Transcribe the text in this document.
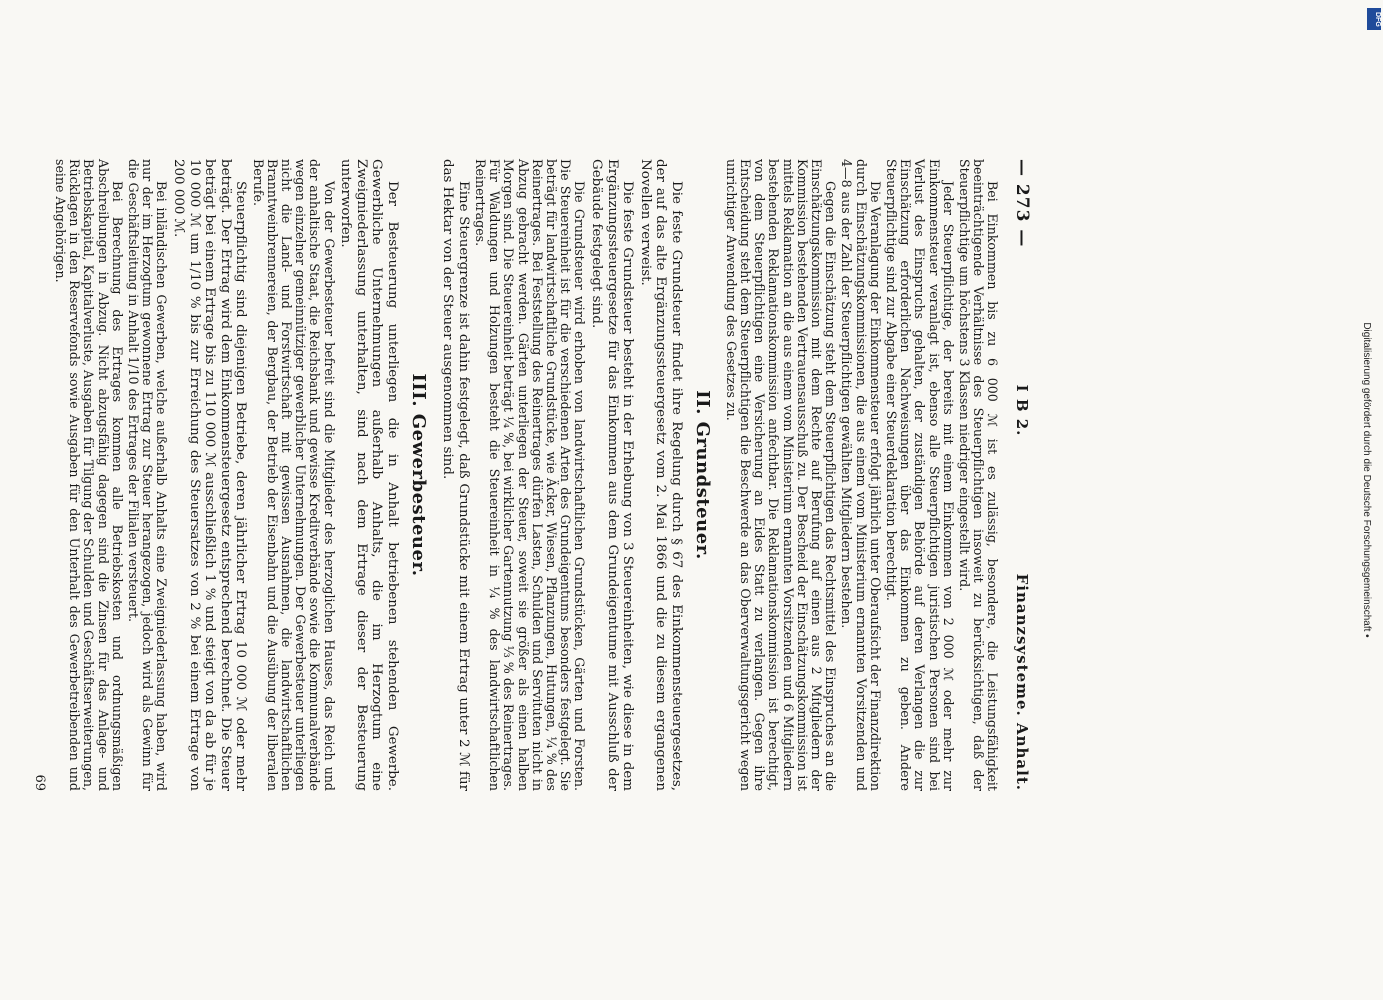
— 273 —
I B 2.
Finanzsysteme. Anhalt.

Bei Einkommen bis zu 6 000 ℳ ist es zulässig, besondere, die Leistungsfähigkeit beeinträchtigende Verhältnisse des Steuerpflichtigen insoweit zu berücksichtigen, daß der Steuerpflichtige um höchstens 3 Klassen niedriger eingestellt wird.

Jeder Steuerpflichtige, der bereits mit einem Einkommen von 2 000 ℳ oder mehr zur Einkommensteuer veranlagt ist, ebenso alle Steuerpflichtigen juristischen Personen sind bei Verlust des Einspruchs gehalten, der zuständigen Behörde auf deren Verlangen die zur Einschätzung erforderlichen Nachweisungen über das Einkommen zu geben. Andere Steuerpflichtige sind zur Abgabe einer Steuerdeklaration berechtigt.

Die Veranlagung der Einkommensteuer erfolgt jährlich unter Oberaufsicht der Finanzdirektion durch Einschätzungskommissionen, die aus einem vom Ministerium ernannten Vorsitzenden und 4—8 aus der Zahl der Steuerpflichtigen gewählten Mitgliedern bestehen.

Gegen die Einschätzung steht dem Steuerpflichtigen das Rechtsmittel des Einspruches an die Einschätzungskommission mit dem Rechte auf Berufung auf einen aus 2 Mitgliedern der Kommission bestehenden Vertrauensausschuß zu. Der Bescheid der Einschätzungskommission ist mittels Reklamation an die aus einem vom Ministerium ernannten Vorsitzenden und 6 Mitgliedern bestehenden Reklamationskommission anfechtbar. Die Reklamationskommission ist berechtigt, von dem Steuerpflichtigen eine Versicherung an Eides Statt zu verlangen. Gegen ihre Entscheidung steht dem Steuerpflichtigen die Beschwerde an das Oberverwaltungsgericht wegen unrichtiger Anwendung des Gesetzes zu.

II. Grundsteuer.

Die feste Grundsteuer findet ihre Regelung durch § 67 des Einkommensteuergesetzes, der auf das alte Ergänzungssteuergesetz vom 2. Mai 1866 und die zu diesem ergangenen Novellen verweist.

Die feste Grundsteuer besteht in der Erhebung von 3 Steuereinheiten, wie diese in dem Ergänzungssteuergesetze für das Einkommen aus dem Grundeigentume mit Ausschluß der Gebäude festgelegt sind.

Die Grundsteuer wird erhoben von landwirtschaftlichen Grundstücken, Gärten und Forsten. Die Steuereinheit ist für die verschiedenen Arten des Grundeigentums besonders festgelegt. Sie beträgt für landwirtschaftliche Grundstücke, wie Äcker, Wiesen, Pflanzungen, Hutungen, ¼ % des Reinertrages. Bei Feststellung des Reinertrages dürfen Lasten, Schulden und Servituten nicht in Abzug gebracht werden. Gärten unterliegen der Steuer, soweit sie größer als einen halben Morgen sind. Die Steuereinheit beträgt ¼ %, bei wirklicher Gartennutzung ⅓ % des Reinertrages. Für Waldungen und Holzungen besteht die Steuereinheit in ¼ % des landwirtschaftlichen Reinertrages.

Eine Steuergrenze ist dahin festgelegt, daß Grundstücke mit einem Ertrag unter 2 ℳ für das Hektar von der Steuer ausgenommen sind.

III. Gewerbesteuer.

Der Besteuerung unterliegen die in Anhalt betriebenen stehenden Gewerbe. Gewerbliche Unternehmungen außerhalb Anhalts, die im Herzogtum eine Zweigniederlassung unterhalten, sind nach dem Ertrage dieser der Besteuerung unterworfen.

Von der Gewerbesteuer befreit sind die Mitglieder des herzoglichen Hauses, das Reich und der anhaltische Staat, die Reichsbank und gewisse Kreditverbände sowie die Kommunalverbände wegen einzelner gemeinnütziger gewerblicher Unternehmungen. Der Gewerbesteuer unterliegen nicht die Land- und Forstwirtschaft mit gewissen Ausnahmen, die landwirtschaftlichen Branntweinbrennereien, der Bergbau, der Betrieb der Eisenbahn und die Ausübung der liberalen Berufe.

Steuerpflichtig sind diejenigen Betriebe, deren jährlicher Ertrag 10 000 ℳ oder mehr beträgt. Der Ertrag wird dem Einkommensteuergesetz entsprechend berechnet. Die Steuer beträgt bei einem Ertrage bis zu 110 000 ℳ ausschließlich 1 % und steigt von da ab für je 10 000 ℳ um 1/10 % bis zur Erreichung des Steuersatzes von 2 % bei einem Ertrage von 200 000 ℳ.

Bei inländischen Gewerben, welche außerhalb Anhalts eine Zweigniederlassung haben, wird nur der im Herzogtum gewonnene Ertrag zur Steuer herangezogen, jedoch wird als Gewinn für die Geschäftsleitung in Anhalt 1/10 des Ertrages der Filialen versteuert.

Bei Berechnung des Ertrages kommen alle Betriebskosten und ordnungsmäßigen Abschreibungen in Abzug. Nicht abzugsfähig dagegen sind die Zinsen für das Anlage- und Betriebskapital, Kapitalverluste, Ausgaben für Tilgung der Schulden und Geschäftserweiterungen, Rücklagen in den Reservefonds sowie Ausgaben für den Unterhalt des Gewerbetreibenden und seine Angehörigen.

69
Digitalisierung gefördert durch die Deutsche Forschungsgemeinschaft •
DFG
